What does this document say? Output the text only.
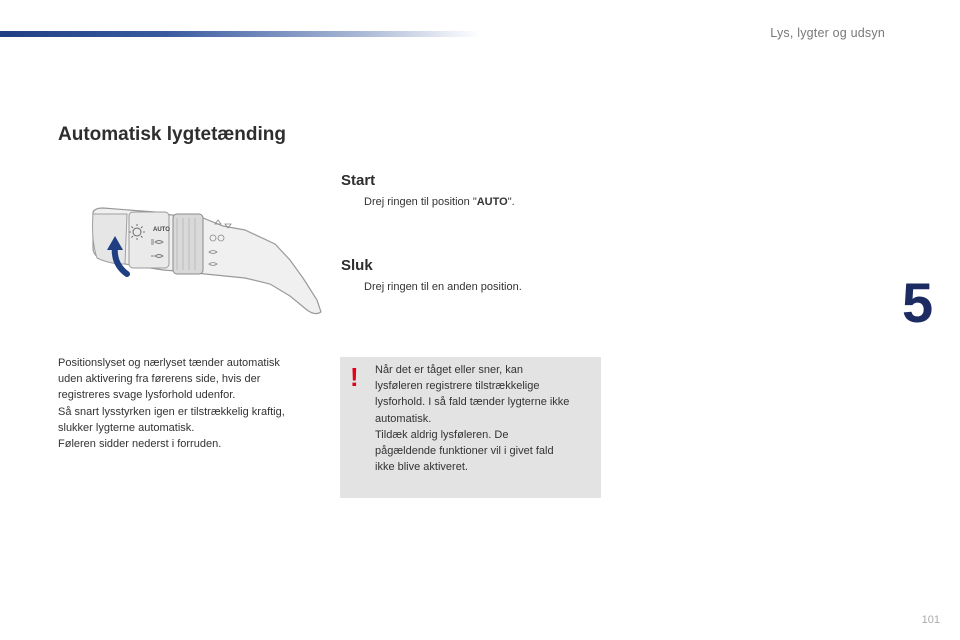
Lys, lygter og udsyn
Automatisk lygtetænding
AUTO
Start
Drej ringen til position "AUTO".
Sluk
Drej ringen til en anden position.
Positionslyset og nærlyset tænder automatisk
uden aktivering fra førerens side, hvis der
registreres svage lysforhold udenfor.
Så snart lysstyrken igen er tilstrækkelig kraftig,
slukker lygterne automatisk.
Føleren sidder nederst i forruden.
! Når det er tåget eller sner, kan
lysføleren registrere tilstrækkelige
lysforhold. I så fald tænder lygterne ikke
automatisk.
Tildæk aldrig lysføleren. De
pågældende funktioner vil i givet fald
ikke blive aktiveret.
5
101
